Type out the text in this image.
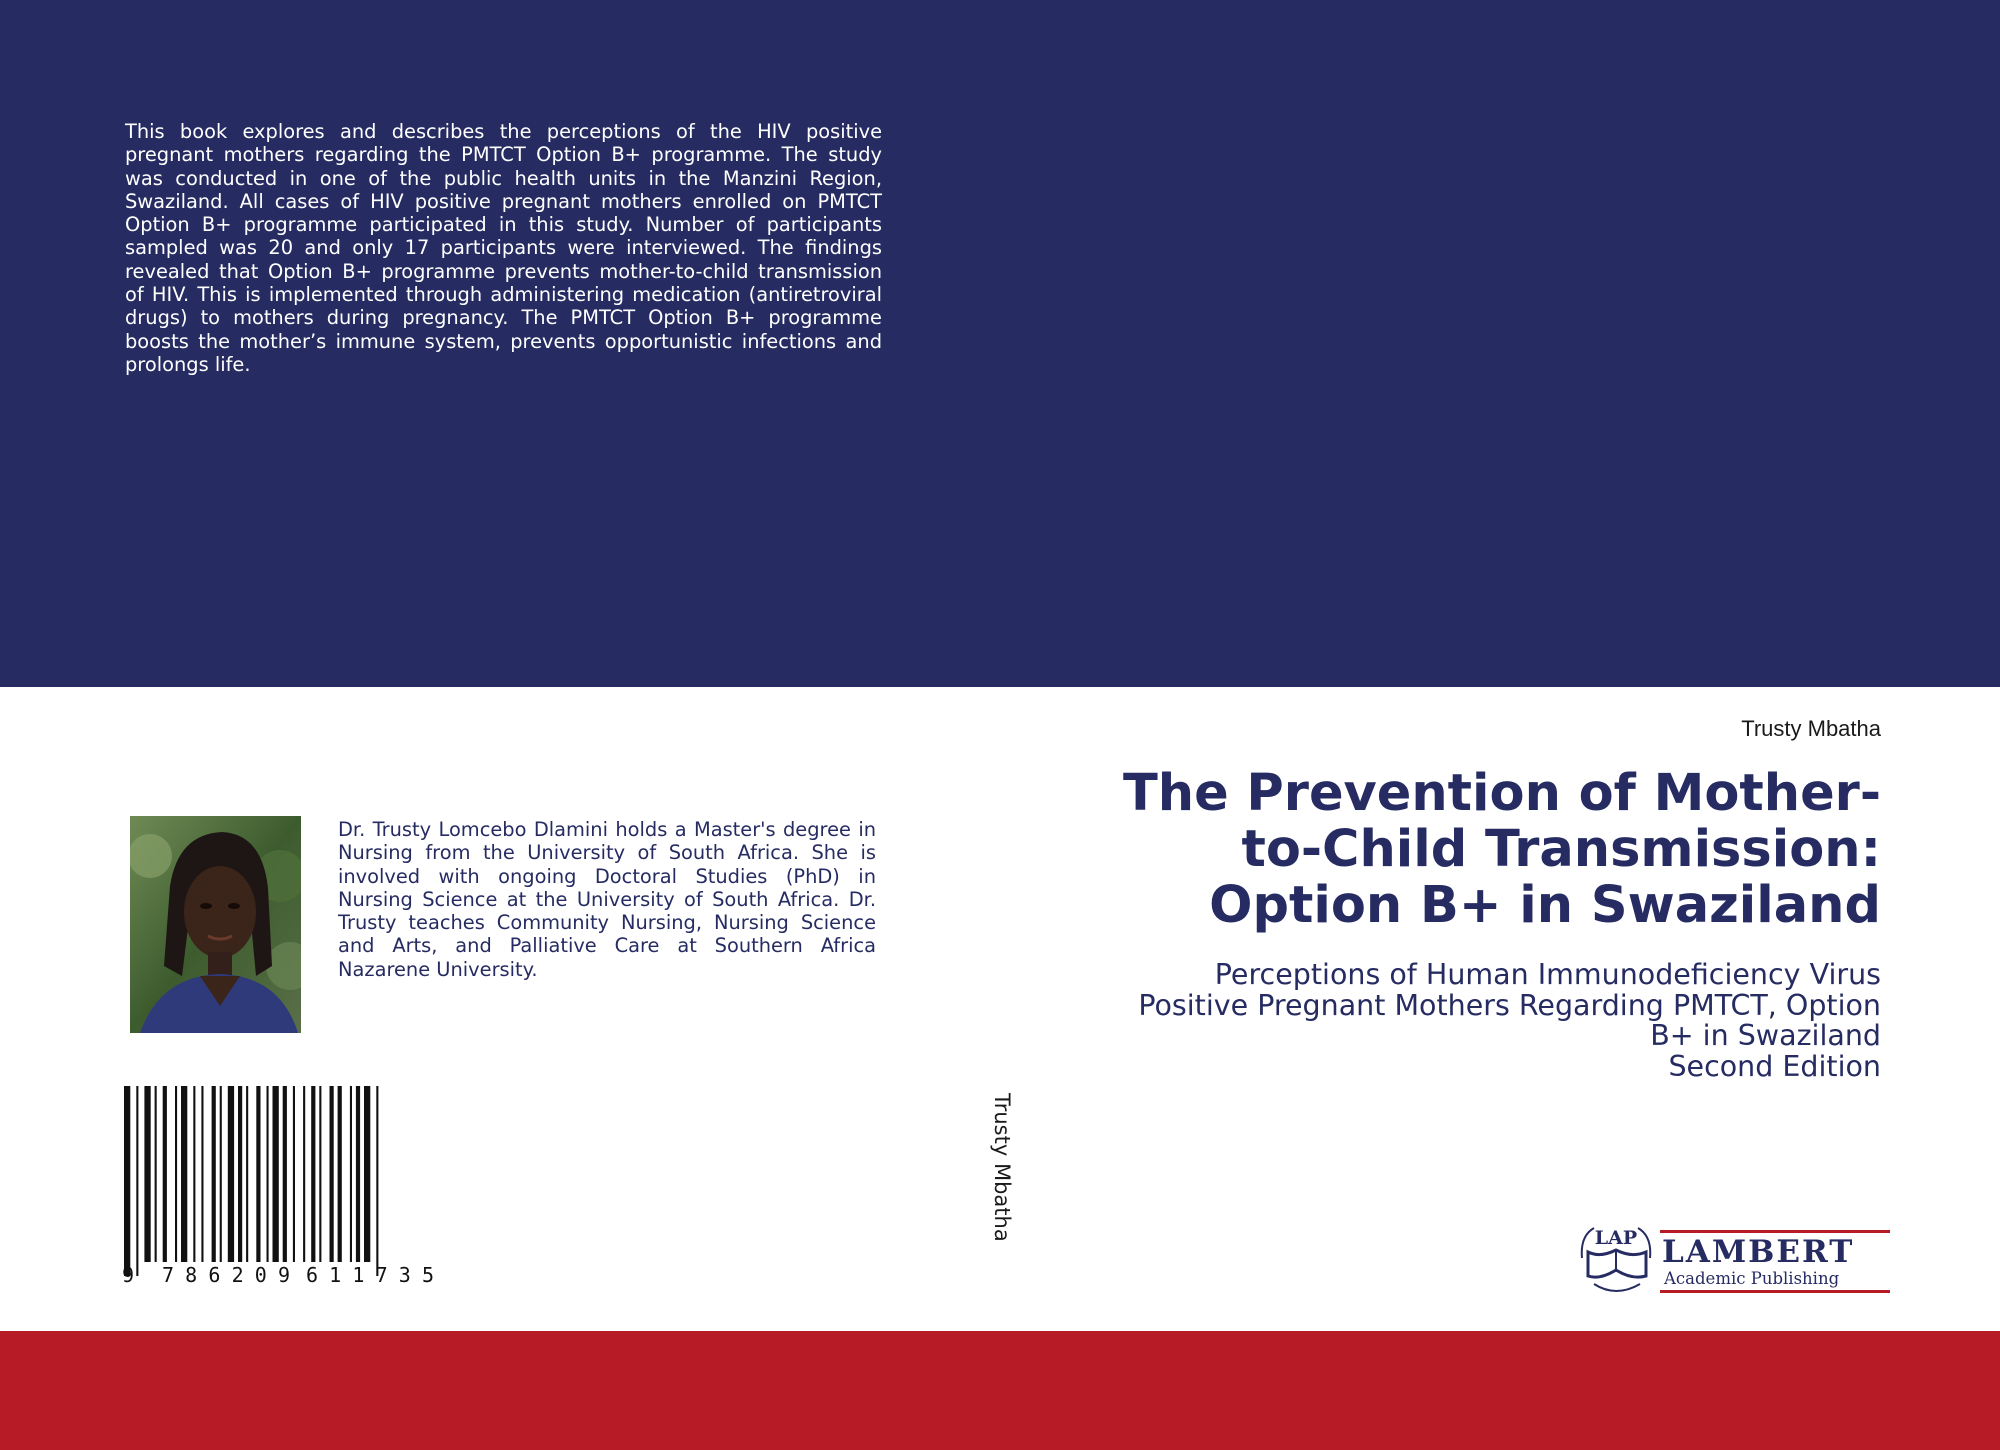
This book explores and describes the perceptions of the HIV positive pregnant mothers regarding the PMTCT Option B+ programme. The study was conducted in one of the public health units in the Manzini Region, Swaziland. All cases of HIV positive pregnant mothers enrolled on PMTCT Option B+ programme participated in this study. Number of participants sampled was 20 and only 17 participants were interviewed. The findings revealed that Option B+ programme prevents mother-to-child transmission of HIV. This is implemented through administering medication (antiretroviral drugs) to mothers during pregnancy. The PMTCT Option B+ programme boosts the mother’s immune system, prevents opportunistic infections and prolongs life.
Trusty Mbatha
The Prevention of Mother-
to-Child Transmission:
Option B+ in Swaziland
Perceptions of Human Immunodeficiency Virus
Positive Pregnant Mothers Regarding PMTCT, Option
B+ in Swaziland
Second Edition
Dr. Trusty Lomcebo Dlamini holds a Master's degree in Nursing from the University of South Africa. She is involved with ongoing Doctoral Studies (PhD) in Nursing Science at the University of South Africa. Dr. Trusty teaches Community Nursing, Nursing Science and Arts, and Palliative Care at Southern Africa Nazarene University.
9 7 8 6 2 0 9 6 1 1 7 3 5
Trusty Mbatha	LAP LAMBERT
Academic Publishing
